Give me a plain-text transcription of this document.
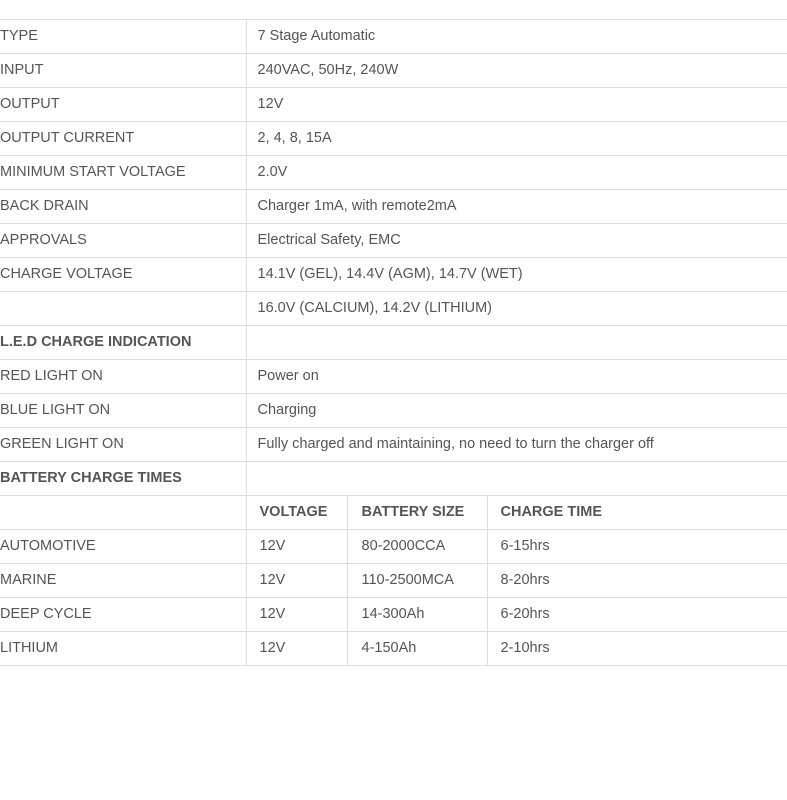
TYPE	7 Stage Automatic		
INPUT	240VAC, 50Hz, 240W		
OUTPUT	12V		
OUTPUT CURRENT	2, 4, 8, 15A		
MINIMUM START VOLTAGE	2.0V		
BACK DRAIN	Charger 1mA, with remote2mA		
APPROVALS	Electrical Safety, EMC		
CHARGE VOLTAGE	14.1V (GEL), 14.4V (AGM), 14.7V (WET)		
	16.0V (CALCIUM), 14.2V (LITHIUM)		
L.E.D CHARGE INDICATION			
RED LIGHT ON	Power on		
BLUE LIGHT ON	Charging		
GREEN LIGHT ON	Fully charged and maintaining, no need to turn the charger off		
BATTERY CHARGE TIMES			
	VOLTAGE	BATTERY SIZE	CHARGE TIME
AUTOMOTIVE	12V	80-2000CCA	6-15hrs
MARINE	12V	110-2500MCA	8-20hrs
DEEP CYCLE	12V	14-300Ah	6-20hrs
LITHIUM	12V	4-150Ah	2-10hrs
